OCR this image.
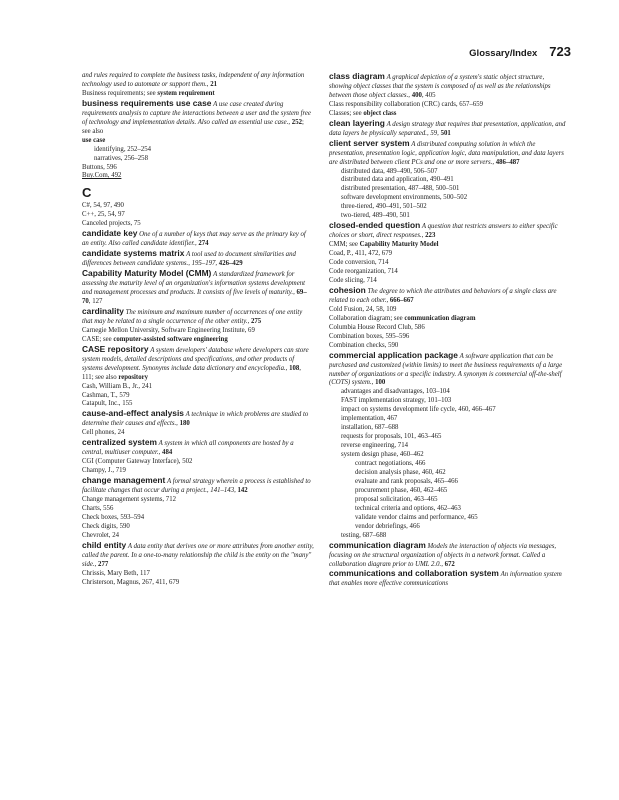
Glossary/Index 723
and rules required to complete the business tasks, independent of any information technology used to automate or support them., 21
Business requirements; see system requirement
business requirements use case A use case created during requirements analysis to capture the interactions between a user and the system free of technology and implementation details. Also called an essential use case., 252; see also
use case
identifying, 252–254
narratives, 256–258
Buttons, 596
Buy.Com, 492
C
C#, 54, 97, 490
C++, 25, 54, 97
Canceled projects, 75
candidate key One of a number of keys that may serve as the primary key of an entity. Also called candidate identifier., 274
candidate systems matrix A tool used to document similarities and differences between candidate systems., 195–197, 426–429
Capability Maturity Model (CMM) A standardized framework for assessing the maturity level of an organization's information systems development and management processes and products. It consists of five levels of maturity., 69–70, 127
cardinality The minimum and maximum number of occurrences of one entity that may be related to a single occurrence of the other entity., 275
Carnegie Mellon University, Software Engineering Institute, 69
CASE; see computer-assisted software engineering
CASE repository A system developers' database where developers can store system models, detailed descriptions and specifications, and other products of systems development. Synonyms include data dictionary and encyclopedia., 108, 111; see also repository
Cash, William B., Jr., 241
Cashman, T., 579
Catapult, Inc., 155
cause-and-effect analysis A technique in which problems are studied to determine their causes and effects., 180
Cell phones, 24
centralized system A system in which all components are hosted by a central, multiuser computer., 484
CGI (Computer Gateway Interface), 502
Champy, J., 719
change management A formal strategy wherein a process is established to facilitate changes that occur during a project., 141–143, 142
Change management systems, 712
Charts, 556
Check boxes, 593–594
Check digits, 590
Chevrolet, 24
child entity A data entity that derives one or more attributes from another entity, called the parent. In a one-to-many relationship the child is the entity on the "many" side., 277
Chrissis, Mary Beth, 117
Christerson, Magnus, 267, 411, 679
class diagram A graphical depiction of a system's static object structure, showing object classes that the system is composed of as well as the relationships between those object classes., 400, 405
Class responsibility collaboration (CRC) cards, 657–659
Classes; see object class
clean layering A design strategy that requires that presentation, application, and data layers be physically separated., 59, 501
client server system A distributed computing solution in which the presentation, presentation logic, application logic, data manipulation, and data layers are distributed between client PCs and one or more servers., 486–487
distributed data, 489–490, 506–507
distributed data and application, 490–491
distributed presentation, 487–488, 500–501
software development environments, 500–502
three-tiered, 490–491, 501–502
two-tiered, 489–490, 501
closed-ended question A question that restricts answers to either specific choices or short, direct responses., 223
CMM; see Capability Maturity Model
Coad, P., 411, 472, 679
Code conversion, 714
Code reorganization, 714
Code slicing, 714
cohesion The degree to which the attributes and behaviors of a single class are related to each other., 666–667
Cold Fusion, 24, 58, 109
Collaboration diagram; see communication diagram
Columbia House Record Club, 586
Combination boxes, 595–596
Combination checks, 590
commercial application package A software application that can be purchased and customized (within limits) to meet the business requirements of a large number of organizations or a specific industry. A synonym is commercial off-the-shelf (COTS) system., 100
advantages and disadvantages, 103–104
FAST implementation strategy, 101–103
impact on systems development life cycle, 460, 466–467
implementation, 467
installation, 687–688
requests for proposals, 101, 463–465
reverse engineering, 714
system design phase, 460–462
contract negotiations, 466
decision analysis phase, 460, 462
evaluate and rank proposals, 465–466
procurement phase, 460, 462–465
proposal solicitation, 463–465
technical criteria and options, 462–463
validate vendor claims and performance, 465
vendor debriefings, 466
testing, 687–688
communication diagram Models the interaction of objects via messages, focusing on the structural organization of objects in a network format. Called a collaboration diagram prior to UML 2.0., 672
communications and collaboration system An information system that enables more effective communications
